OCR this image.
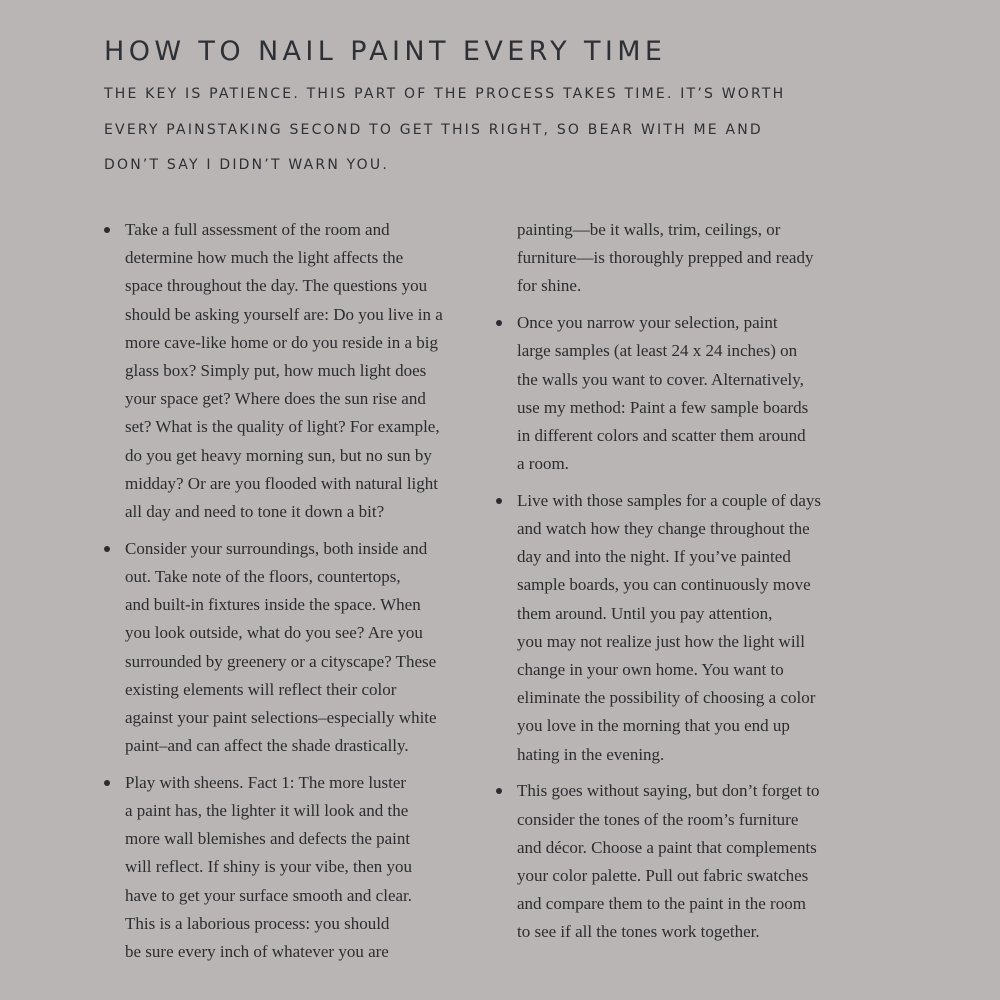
HOW TO NAIL PAINT EVERY TIME
THE KEY IS PATIENCE. THIS PART OF THE PROCESS TAKES TIME. IT’S WORTH
EVERY PAINSTAKING SECOND TO GET THIS RIGHT, SO BEAR WITH ME AND
DON’T SAY I DIDN’T WARN YOU.
Take a full assessment of the room and
determine how much the light affects the
space throughout the day. The questions you
should be asking yourself are: Do you live in a
more cave-like home or do you reside in a big
glass box? Simply put, how much light does
your space get? Where does the sun rise and
set? What is the quality of light? For example,
do you get heavy morning sun, but no sun by
midday? Or are you flooded with natural light
all day and need to tone it down a bit?
Consider your surroundings, both inside and
out. Take note of the floors, countertops,
and built-in fixtures inside the space. When
you look outside, what do you see? Are you
surrounded by greenery or a cityscape? These
existing elements will reflect their color
against your paint selections–especially white
paint–and can affect the shade drastically.
Play with sheens. Fact 1: The more luster
a paint has, the lighter it will look and the
more wall blemishes and defects the paint
will reflect. If shiny is your vibe, then you
have to get your surface smooth and clear.
This is a laborious process: you should
be sure every inch of whatever you are
painting—be it walls, trim, ceilings, or
furniture—is thoroughly prepped and ready
for shine.
Once you narrow your selection, paint
large samples (at least 24 x 24 inches) on
the walls you want to cover. Alternatively,
use my method: Paint a few sample boards
in different colors and scatter them around
a room.
Live with those samples for a couple of days
and watch how they change throughout the
day and into the night. If you’ve painted
sample boards, you can continuously move
them around. Until you pay attention,
you may not realize just how the light will
change in your own home. You want to
eliminate the possibility of choosing a color
you love in the morning that you end up
hating in the evening.
This goes without saying, but don’t forget to
consider the tones of the room’s furniture
and décor. Choose a paint that complements
your color palette. Pull out fabric swatches
and compare them to the paint in the room
to see if all the tones work together.
